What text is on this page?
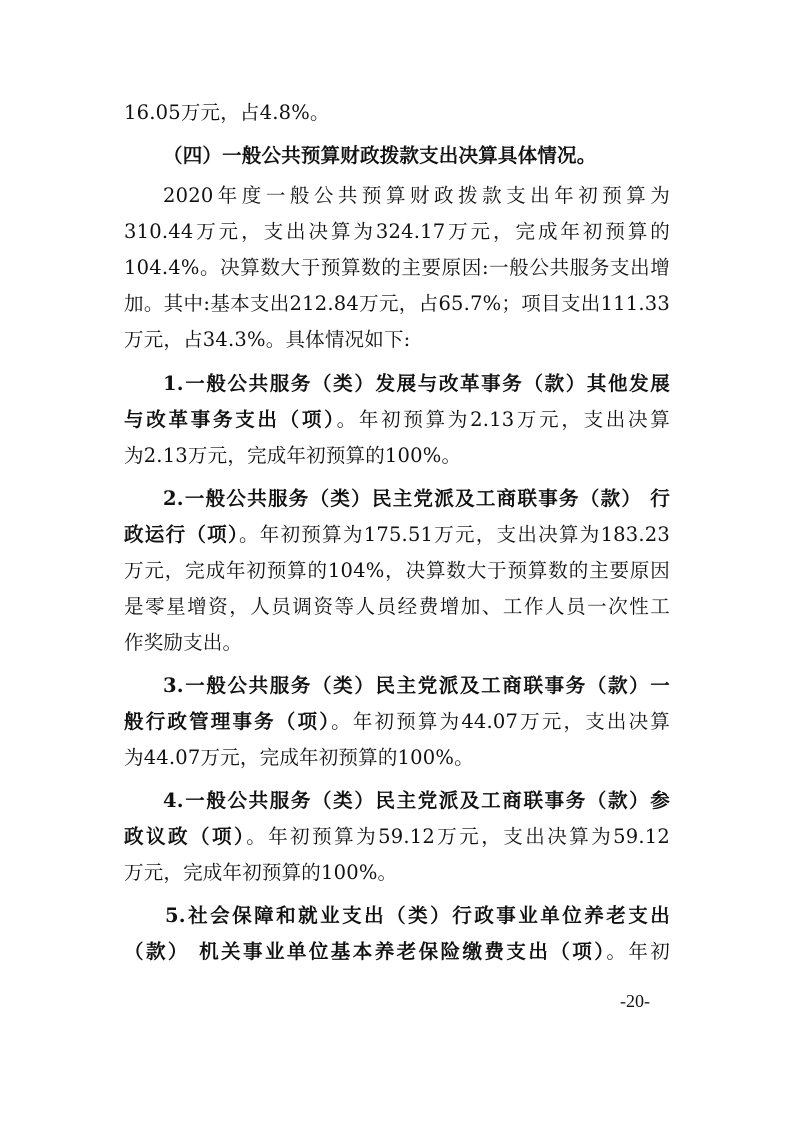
16.05万元，占4.8%。
（四）一般公共预算财政拨款支出决算具体情况。
2020年度一般公共预算财政拨款支出年初预算为
310.44万元，支出决算为324.17万元，完成年初预算的
104.4%。决算数大于预算数的主要原因:一般公共服务支出增
加。其中:基本支出212.84万元，占65.7%；项目支出111.33
万元，占34.3%。具体情况如下:
1.一般公共服务（类）发展与改革事务（款）其他发展
与改革事务支出（项）。年初预算为2.13万元，支出决算
为2.13万元，完成年初预算的100%。
2.一般公共服务（类）民主党派及工商联事务（款） 行
政运行（项）。年初预算为175.51万元，支出决算为183.23
万元，完成年初预算的104%，决算数大于预算数的主要原因
是零星增资，人员调资等人员经费增加、工作人员一次性工
作奖励支出。
3.一般公共服务（类）民主党派及工商联事务（款）一
般行政管理事务（项）。年初预算为44.07万元，支出决算
为44.07万元，完成年初预算的100%。
4.一般公共服务（类）民主党派及工商联事务（款）参
政议政（项）。年初预算为59.12万元，支出决算为59.12
万元，完成年初预算的100%。
5.社会保障和就业支出（类）行政事业单位养老支出
（款） 机关事业单位基本养老保险缴费支出（项）。年初
-20-
